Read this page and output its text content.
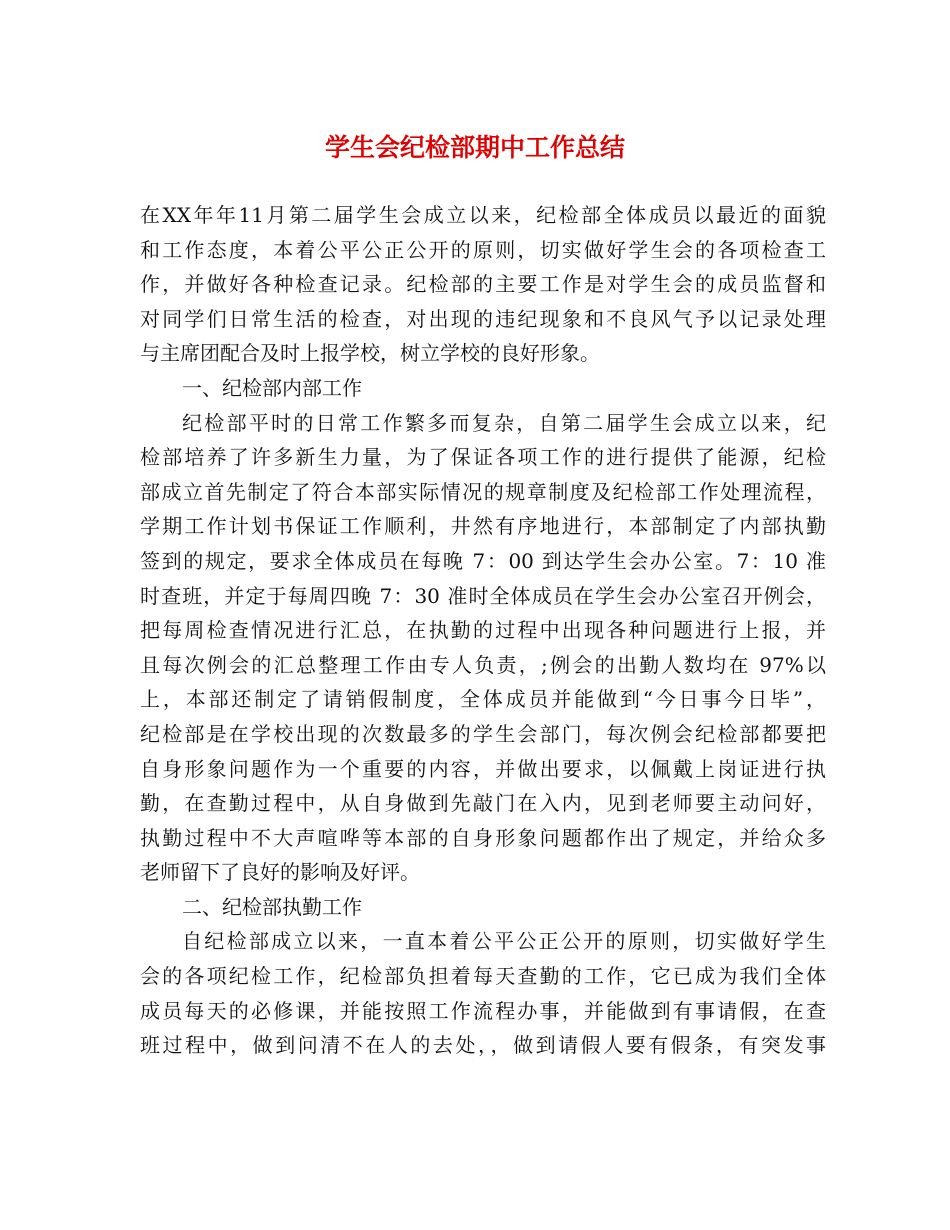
学生会纪检部期中工作总结

在XX年年11月第二届学生会成立以来，纪检部全体成员以最近的面貌
和工作态度，本着公平公正公开的原则，切实做好学生会的各项检查工
作，并做好各种检查记录。纪检部的主要工作是对学生会的成员监督和
对同学们日常生活的检查，对出现的违纪现象和不良风气予以记录处理
与主席团配合及时上报学校，树立学校的良好形象。

一、纪检部内部工作

纪检部平时的日常工作繁多而复杂，自第二届学生会成立以来，纪
检部培养了许多新生力量，为了保证各项工作的进行提供了能源，纪检
部成立首先制定了符合本部实际情况的规章制度及纪检部工作处理流程，
学期工作计划书保证工作顺利，井然有序地进行，本部制定了内部执勤
签到的规定，要求全体成员在每晚 7：00 到达学生会办公室。7：10 准
时查班，并定于每周四晚 7：30 准时全体成员在学生会办公室召开例会，
把每周检查情况进行汇总，在执勤的过程中出现各种问题进行上报，并
且每次例会的汇总整理工作由专人负责，;例会的出勤人数均在 97%以
上，本部还制定了请销假制度，全体成员并能做到“今日事今日毕”，
纪检部是在学校出现的次数最多的学生会部门，每次例会纪检部都要把
自身形象问题作为一个重要的内容，并做出要求，以佩戴上岗证进行执
勤，在查勤过程中，从自身做到先敲门在入内，见到老师要主动问好，
执勤过程中不大声喧哗等本部的自身形象问题都作出了规定，并给众多
老师留下了良好的影响及好评。

二、纪检部执勤工作

自纪检部成立以来，一直本着公平公正公开的原则，切实做好学生
会的各项纪检工作，纪检部负担着每天查勤的工作，它已成为我们全体
成员每天的必修课，并能按照工作流程办事，并能做到有事请假，在查
班过程中，做到问清不在人的去处，，做到请假人要有假条，有突发事
